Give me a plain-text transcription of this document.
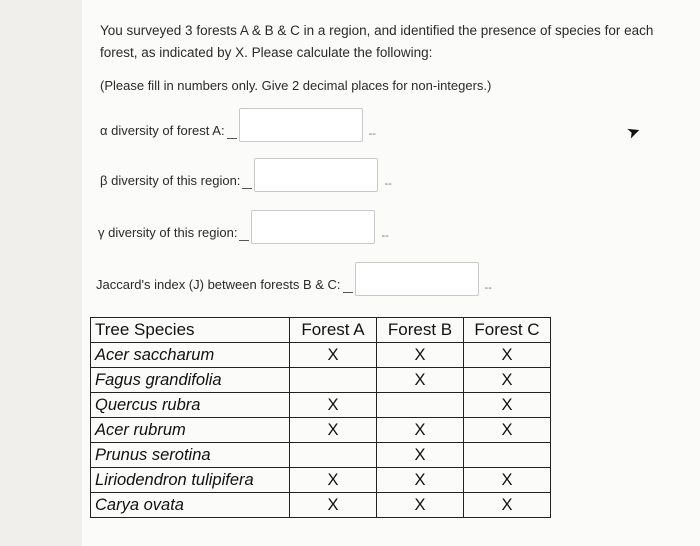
You surveyed 3 forests A & B & C in a region, and identified the presence of species for each forest, as indicated by X. Please calculate the following:
(Please fill in numbers only. Give 2 decimal places for non-integers.)
α diversity of forest A:	--
β diversity of this region:	--
γ diversity of this region:	--
Jaccard's index (J) between forests B & C:	--
➤
Tree Species	Forest A	Forest B	Forest C
Acer saccharum	X	X	X
Fagus grandifolia		X	X
Quercus rubra	X		X
Acer rubrum	X	X	X
Prunus serotina		X	
Liriodendron tulipifera	X	X	X
Carya ovata	X	X	X
